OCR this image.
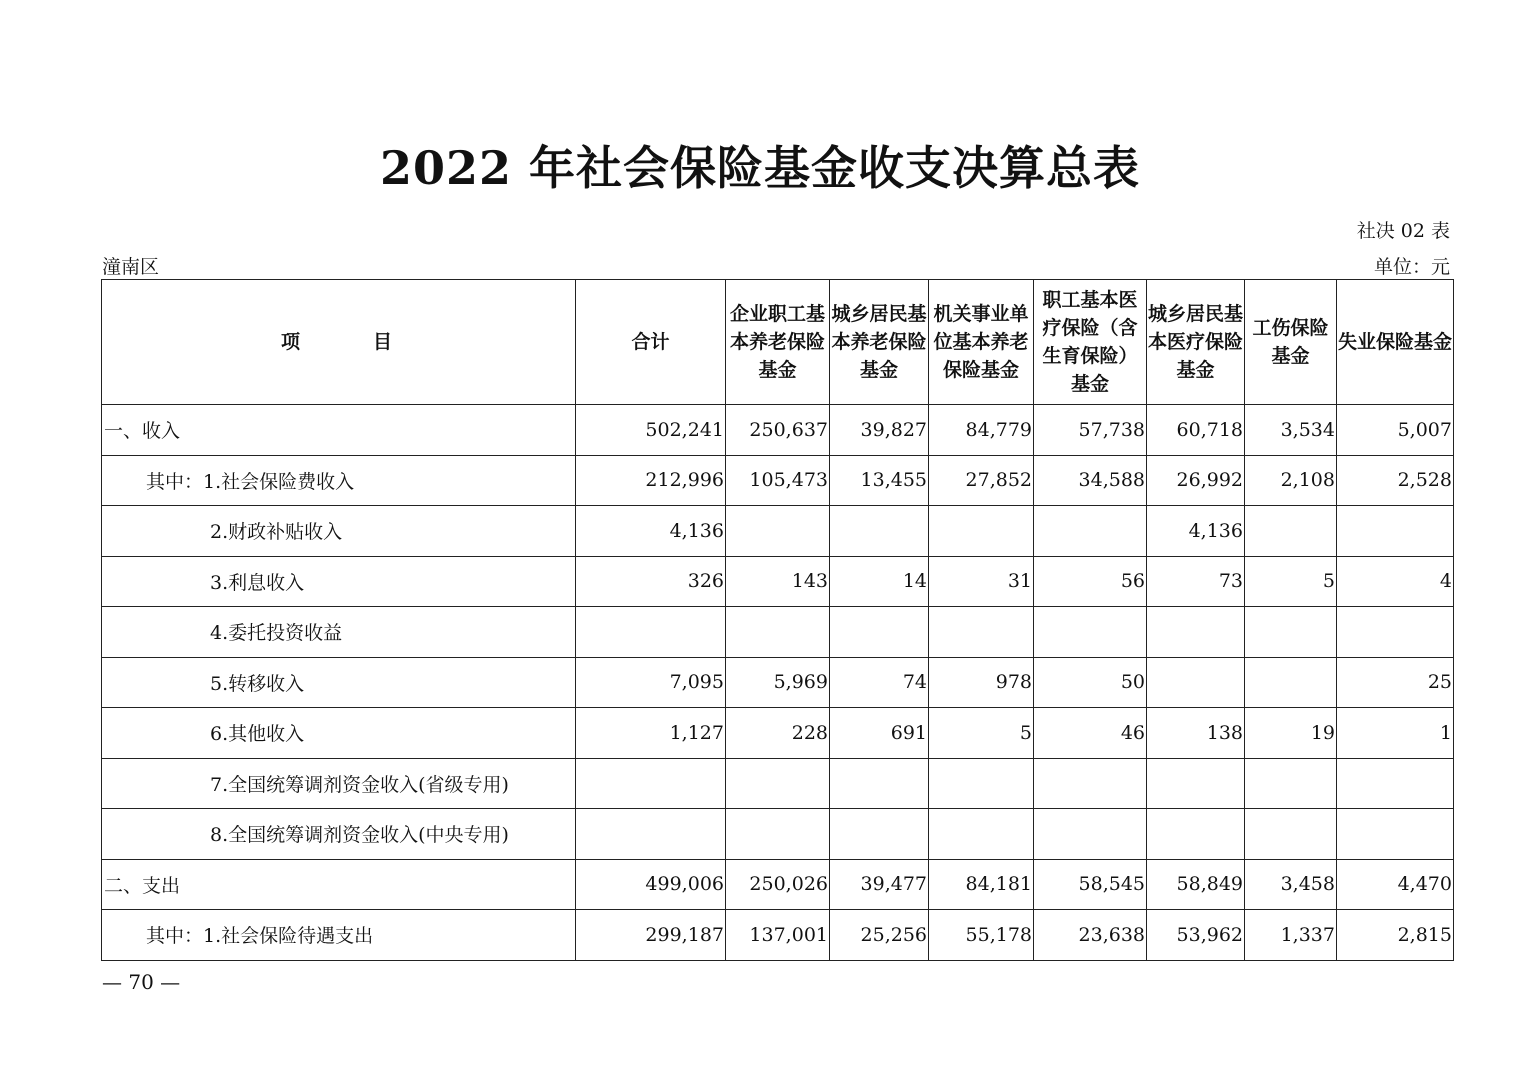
2022 年社会保险基金收支决算总表
社决 02 表
潼南区	单位：元
项　　　目	合计	企业职工基本养老保险基金	城乡居民基本养老保险基金	机关事业单位基本养老保险基金	职工基本医疗保险（含生育保险）基金	城乡居民基本医疗保险基金	工伤保险基金	失业保险基金
一、收入	502,241	250,637	39,827	84,779	57,738	60,718	3,534	5,007
其中：1.社会保险费收入	212,996	105,473	13,455	27,852	34,588	26,992	2,108	2,528
2.财政补贴收入	4,136					4,136		
3.利息收入	326	143	14	31	56	73	5	4
4.委托投资收益								
5.转移收入	7,095	5,969	74	978	50			25
6.其他收入	1,127	228	691	5	46	138	19	1
7.全国统筹调剂资金收入(省级专用)								
8.全国统筹调剂资金收入(中央专用)								
二、支出	499,006	250,026	39,477	84,181	58,545	58,849	3,458	4,470
其中：1.社会保险待遇支出	299,187	137,001	25,256	55,178	23,638	53,962	1,337	2,815
— 70 —
